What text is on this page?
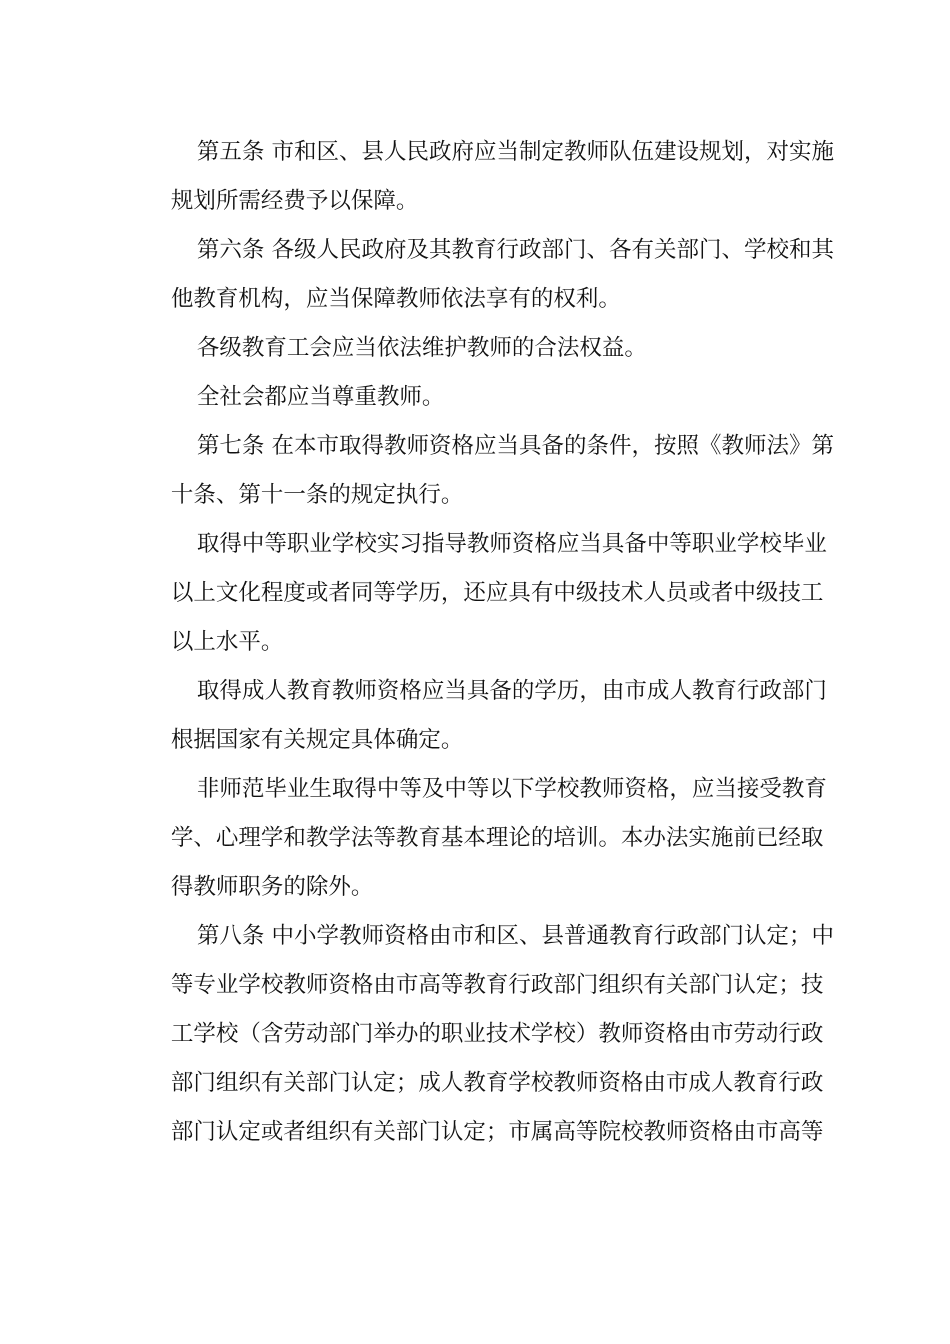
第五条 市和区、县人民政府应当制定教师队伍建设规划，对实施
规划所需经费予以保障。
第六条 各级人民政府及其教育行政部门、各有关部门、学校和其
他教育机构，应当保障教师依法享有的权利。
各级教育工会应当依法维护教师的合法权益。
全社会都应当尊重教师。
第七条 在本市取得教师资格应当具备的条件，按照《教师法》第
十条、第十一条的规定执行。
取得中等职业学校实习指导教师资格应当具备中等职业学校毕业
以上文化程度或者同等学历，还应具有中级技术人员或者中级技工
以上水平。
取得成人教育教师资格应当具备的学历，由市成人教育行政部门
根据国家有关规定具体确定。
非师范毕业生取得中等及中等以下学校教师资格，应当接受教育
学、心理学和教学法等教育基本理论的培训。本办法实施前已经取
得教师职务的除外。
第八条 中小学教师资格由市和区、县普通教育行政部门认定；中
等专业学校教师资格由市高等教育行政部门组织有关部门认定；技
工学校（含劳动部门举办的职业技术学校）教师资格由市劳动行政
部门组织有关部门认定；成人教育学校教师资格由市成人教育行政
部门认定或者组织有关部门认定；市属高等院校教师资格由市高等
